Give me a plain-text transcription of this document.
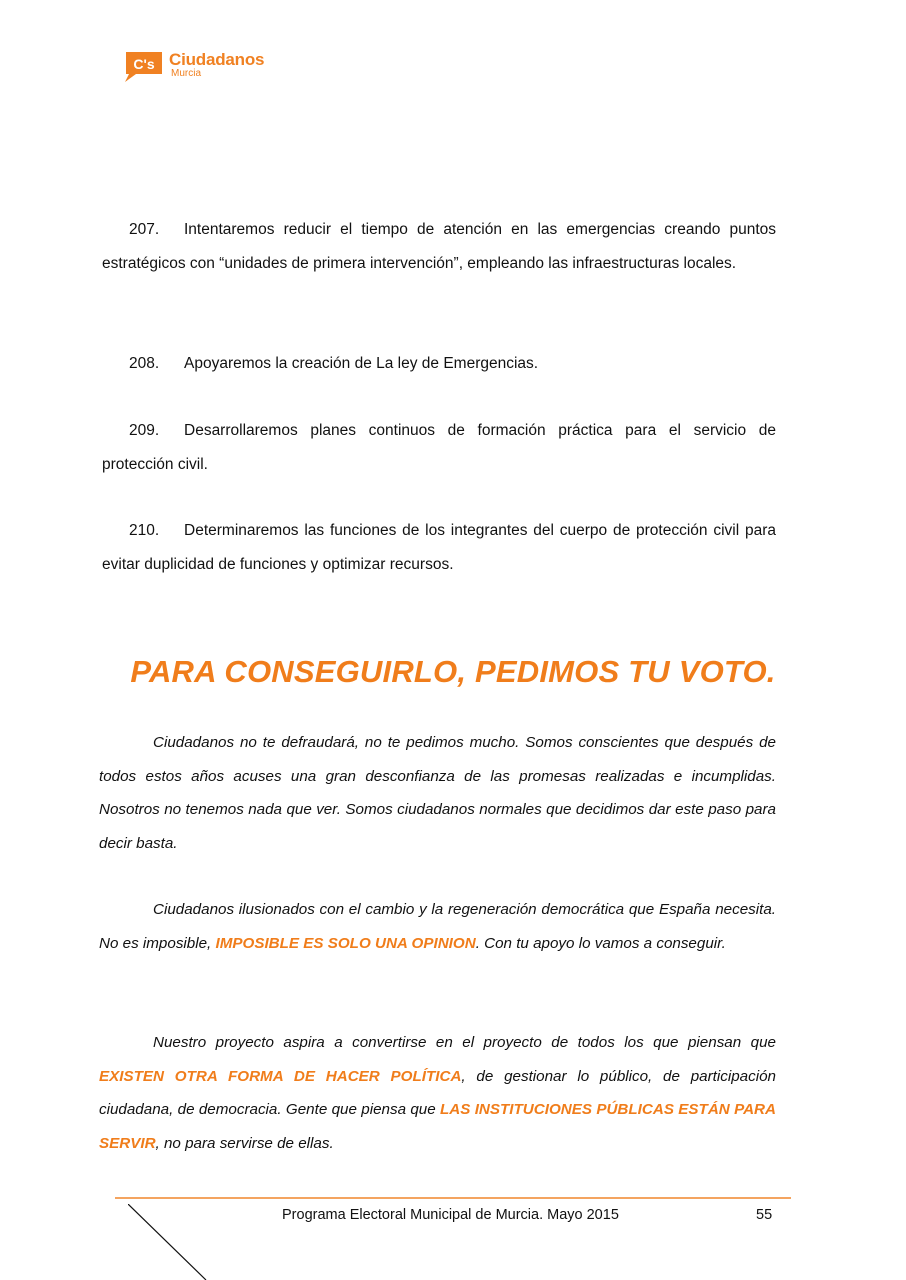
C's Ciudadanos
Murcia
207. Intentaremos reducir el tiempo de atención en las emergencias creando puntos estratégicos con “unidades de primera intervención”, empleando las infraestructuras locales.
208. Apoyaremos la creación de La ley de Emergencias.
209. Desarrollaremos planes continuos de formación práctica para el servicio de protección civil.
210. Determinaremos las funciones de los integrantes del cuerpo de protección civil para evitar duplicidad de funciones y optimizar recursos.
PARA CONSEGUIRLO, PEDIMOS TU VOTO.
Ciudadanos no te defraudará, no te pedimos mucho. Somos conscientes que después de todos estos años acuses una gran desconfianza de las promesas realizadas e incumplidas. Nosotros no tenemos nada que ver. Somos ciudadanos normales que decidimos dar este paso para decir basta.
Ciudadanos ilusionados con el cambio y la regeneración democrática que España necesita. No es imposible, IMPOSIBLE ES SOLO UNA OPINION. Con tu apoyo lo vamos a conseguir.
Nuestro proyecto aspira a convertirse en el proyecto de todos los que piensan que EXISTEN OTRA FORMA DE HACER POLÍTICA, de gestionar lo público, de participación ciudadana, de democracia. Gente que piensa que LAS INSTITUCIONES PÚBLICAS ESTÁN PARA SERVIR, no para servirse de ellas.
Programa Electoral Municipal de Murcia. Mayo 2015	55
